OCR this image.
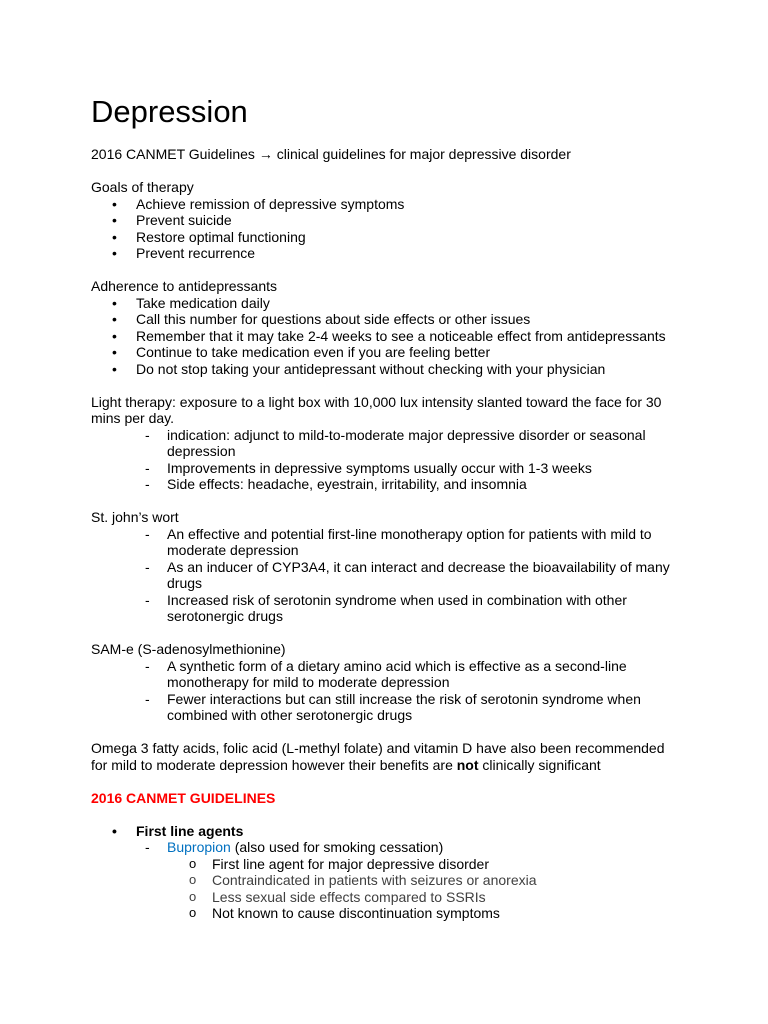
Depression

2016 CANMET Guidelines → clinical guidelines for major depressive disorder

Goals of therapy

• Achieve remission of depressive symptoms
• Prevent suicide
• Restore optimal functioning
• Prevent recurrence

Adherence to antidepressants

• Take medication daily
• Call this number for questions about side effects or other issues
• Remember that it may take 2-4 weeks to see a noticeable effect from antidepressants
• Continue to take medication even if you are feeling better
• Do not stop taking your antidepressant without checking with your physician

Light therapy: exposure to a light box with 10,000 lux intensity slanted toward the face for 30 mins per day.

- indication: adjunct to mild-to-moderate major depressive disorder or seasonal depression
- Improvements in depressive symptoms usually occur with 1-3 weeks
- Side effects: headache, eyestrain, irritability, and insomnia

St. john’s wort

- An effective and potential first-line monotherapy option for patients with mild to moderate depression
- As an inducer of CYP3A4, it can interact and decrease the bioavailability of many drugs
- Increased risk of serotonin syndrome when used in combination with other serotonergic drugs

SAM-e (S-adenosylmethionine)

- A synthetic form of a dietary amino acid which is effective as a second-line monotherapy for mild to moderate depression
- Fewer interactions but can still increase the risk of serotonin syndrome when combined with other serotonergic drugs

Omega 3 fatty acids, folic acid (L-methyl folate) and vitamin D have also been recommended for mild to moderate depression however their benefits are not clinically significant

2016 CANMET GUIDELINES

• First line agents
- Bupropion (also used for smoking cessation)
o First line agent for major depressive disorder
o Contraindicated in patients with seizures or anorexia
o Less sexual side effects compared to SSRIs
o Not known to cause discontinuation symptoms
